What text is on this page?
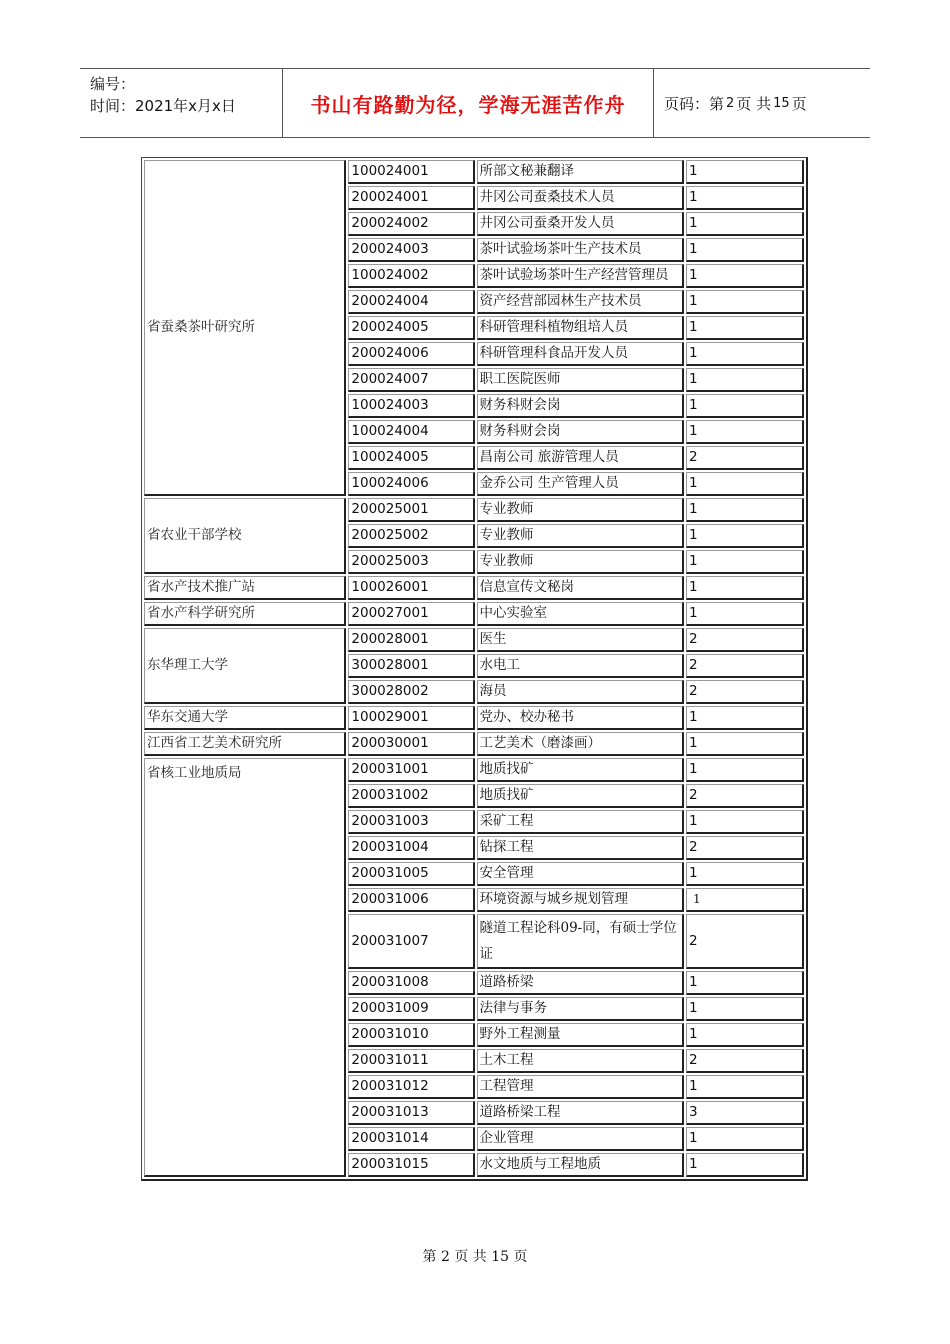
编号：
时间：2021年x月x日	书山有路勤为径，学海无涯苦作舟	页码：第 2 页 共 15 页
省蚕桑茶叶研究所	100024001	所部文秘兼翻译	1
	200024001	井冈公司蚕桑技术人员	1
	200024002	井冈公司蚕桑开发人员	1
	200024003	茶叶试验场茶叶生产技术员	1
	100024002	茶叶试验场茶叶生产经营管理员	1
	200024004	资产经营部园林生产技术员	1
	200024005	科研管理科植物组培人员	1
	200024006	科研管理科食品开发人员	1
	200024007	职工医院医师	1
	100024003	财务科财会岗	1
	100024004	财务科财会岗	1
	100024005	昌南公司 旅游管理人员	2
	100024006	金乔公司 生产管理人员	1
省农业干部学校	200025001	专业教师	1
	200025002	专业教师	1
	200025003	专业教师	1
省水产技术推广站	100026001	信息宣传文秘岗	1
省水产科学研究所	200027001	中心实验室	1
东华理工大学	200028001	医生	2
	300028001	水电工	2
	300028002	海员	2
华东交通大学	100029001	党办、校办秘书	1
江西省工艺美术研究所	200030001	工艺美术（磨漆画）	1
省核工业地质局	200031001	地质找矿	1
	200031002	地质找矿	2
	200031003	采矿工程	1
	200031004	钻探工程	2
	200031005	安全管理	1
	200031006	环境资源与城乡规划管理	1
	200031007	隧道工程论科09-同，有硕士学位证	2
	200031008	道路桥梁	1
	200031009	法律与事务	1
	200031010	野外工程测量	1
	200031011	土木工程	2
	200031012	工程管理	1
	200031013	道路桥梁工程	3
	200031014	企业管理	1
	200031015	水文地质与工程地质	1
第 2 页 共 15 页
